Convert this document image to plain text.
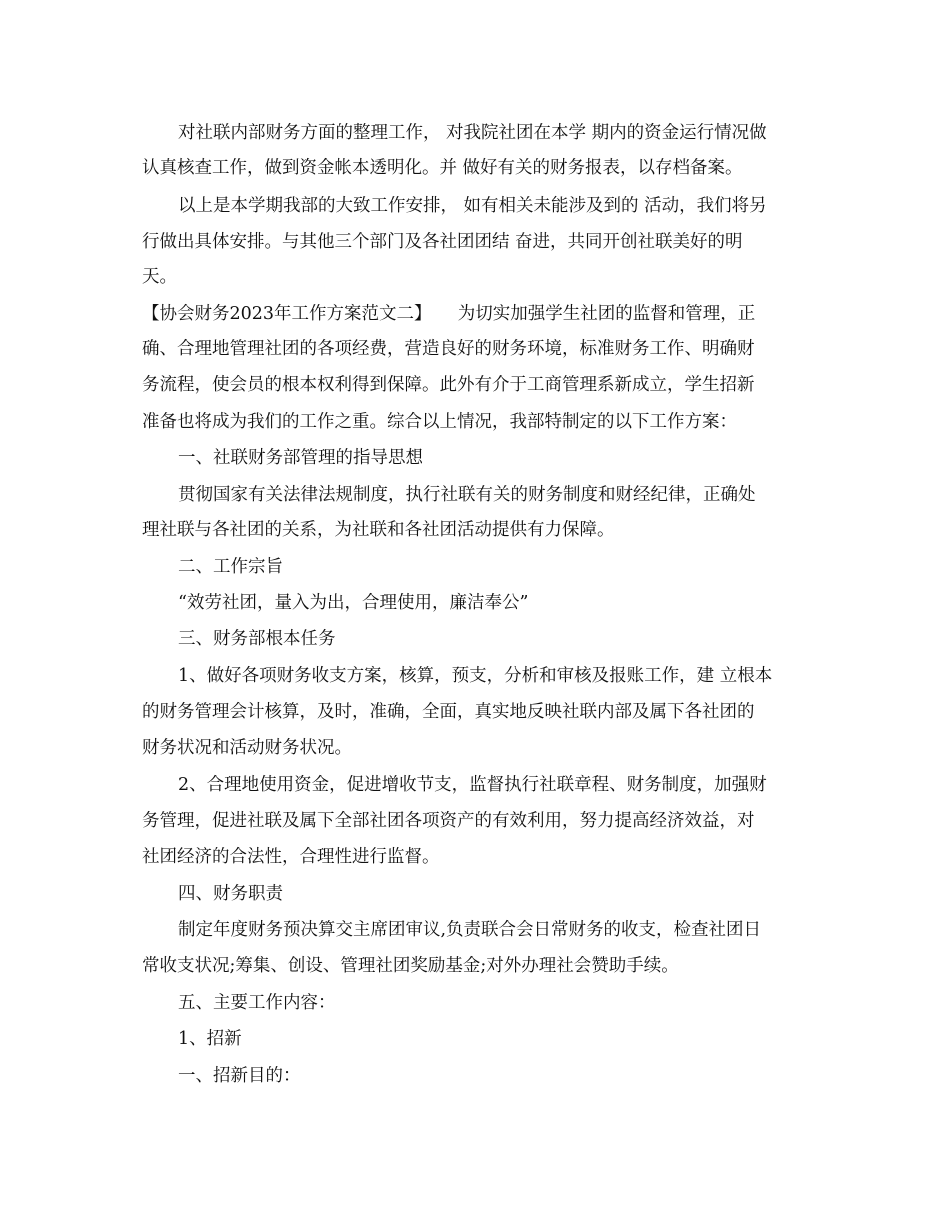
对社联内部财务方面的整理工作， 对我院社团在本学 期内的资金运行情况做

认真核查工作，做到资金帐本透明化。并 做好有关的财务报表，以存档备案。

以上是本学期我部的大致工作安排， 如有相关未能涉及到的 活动，我们将另

行做出具体安排。与其他三个部门及各社团团结 奋进，共同开创社联美好的明

天。

【协会财务2023年工作方案范文二】　　为切实加强学生社团的监督和管理，正

确、合理地管理社团的各项经费，营造良好的财务环境，标准财务工作、明确财

务流程，使会员的根本权利得到保障。此外有介于工商管理系新成立，学生招新

准备也将成为我们的工作之重。综合以上情况，我部特制定的以下工作方案：

一、社联财务部管理的指导思想

贯彻国家有关法律法规制度，执行社联有关的财务制度和财经纪律，正确处

理社联与各社团的关系，为社联和各社团活动提供有力保障。

二、工作宗旨

“效劳社团，量入为出，合理使用，廉洁奉公”

三、财务部根本任务

1、做好各项财务收支方案，核算，预支，分析和审核及报账工作，建 立根本

的财务管理会计核算，及时，准确，全面，真实地反映社联内部及属下各社团的

财务状况和活动财务状况。

2、合理地使用资金，促进增收节支，监督执行社联章程、财务制度，加强财

务管理，促进社联及属下全部社团各项资产的有效利用，努力提高经济效益，对

社团经济的合法性，合理性进行监督。

四、财务职责

制定年度财务预决算交主席团审议,负责联合会日常财务的收支，检查社团日

常收支状况;筹集、创设、管理社团奖励基金;对外办理社会赞助手续。

五、主要工作内容：

1、招新

一、招新目的：
